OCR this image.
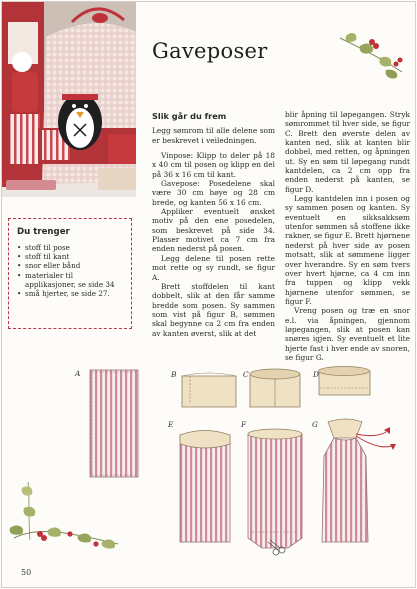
Gaveposer

Slik går du frem

Legg sømrom til alle delene som er beskrevet i veiledningen.

Vinpose: Klipp to deler på 18 x 40 cm til posen og klipp en del på 36 x 16 cm til kant.

Gavepose: Posedelene skal være 30 cm høye og 28 cm brede, og kanten 56 x 16 cm.

Appliker eventuelt ønsket motiv på den ene posedelen, som beskrevet på side 34. Plasser motivet ca 7 cm fra enden nederst på posen.

Legg delene til posen rette mot rette og sy rundt, se figur A.

Brett stoffdelen til kant dobbelt, slik at den får samme bredde som posen. Sy sammen som vist på figur B, sømmen skal begynne ca 2 cm fra enden av kanten øverst, slik at det

blir åpning til løpegangen. Stryk sømrommet til hver side, se figur C. Brett den øverste delen av kanten ned, slik at kanten blir dobbel, med retten, og åpningen ut. Sy en søm til løpegang rundt kantdelen, ca 2 cm opp fra enden nederst på kanten, se figur D.

Legg kantdelen inn i posen og sy sammen posen og kanten. Sy eventuelt en sikksakksøm utenfor sømmen så stoffene ikke rakner, se figur E. Brett hjørnene nederst på hver side av posen motsatt, slik at sømmene ligger over hverandre. Sy en søm tvers over hvert hjørne, ca 4 cm inn fra tuppen og klipp vekk hjørnene utenfor sømmen, se figur F.

Vreng posen og træ en snor e.l. via åpningen, gjennom løpegangen, slik at posen kan snøres igjen. Sy eventuelt et lite hjerte fast i hver ende av snoren, se figur G.

Du trenger
• stoff til pose
• stoff til kant
• snor eller bånd
• materialer til applikasjoner, se side 34
• små hjerter, se side 27.
A	B	C	D
E	F	G
50
